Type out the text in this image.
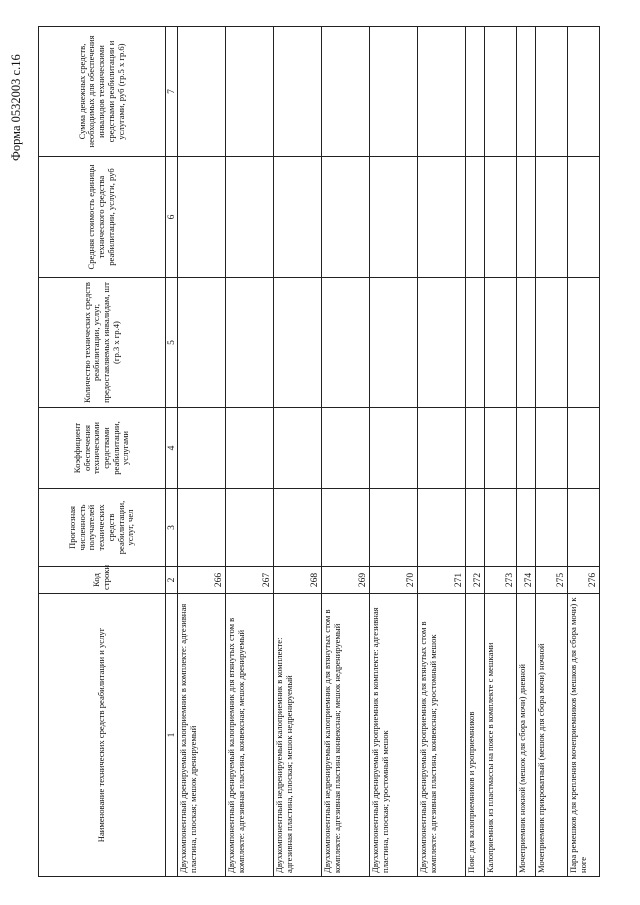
Форма 0532003 с.16
Наименование технических средств реабилитации и услуг	Код строки	Прогнозная численность получателей технических средств реабилитации, услуг, чел	Коэффициент обеспечения техническими средствами реабилитации, услугами	Количество технических средств реабилитации, услуг, предоставляемых инвалидам, шт (гр.3 х гр.4)	Средняя стоимость единицы технического средства реабилитации, услуги, руб	Сумма денежных средств, необходимых для обеспечения инвалидов техническими средствами реабилитации и услугами, руб (гр.5 х гр.6)
1	2	3	4	5	6	7
Двухкомпонентный дренируемый калоприемник в комплекте: адгезивная пластина, плоская; мешок дренируемый	266					
Двухкомпонентный дренируемый калоприемник для втянутых стом в комплекте: адгезивная пластина, конвексная; мешок дренируемый	267					
Двухкомпонентный недренируемый калоприемник в комплекте: адгезивная пластина, плоская; мешок недренируемый	268					
Двухкомпонентный недренируемый калоприемник для втянутых стом в комплекте: адгезивная пластина конвексная; мешок недренируемый	269					
Двухкомпонентный дренируемый уроприемник в комплекте: адгезивная пластина, плоская; уростомный мешок	270					
Двухкомпонентный дренируемый уроприемник для втянутых стом в комплекте: адгезивная пластина, конвексная; уростомный мешок	271					
Пояс для калоприемников и уроприемников	272					
Калоприемник из пластмассы на поясе в комплекте с мешками	273					
Мочеприемник ножной (мешок для сбора мочи) дневной	274					
Мочеприемник прикроватный (мешок для сбора мочи) ночной	275					
Пара ремешков для крепления мочеприемников (мешков для сбора мочи) к ноге	276					
